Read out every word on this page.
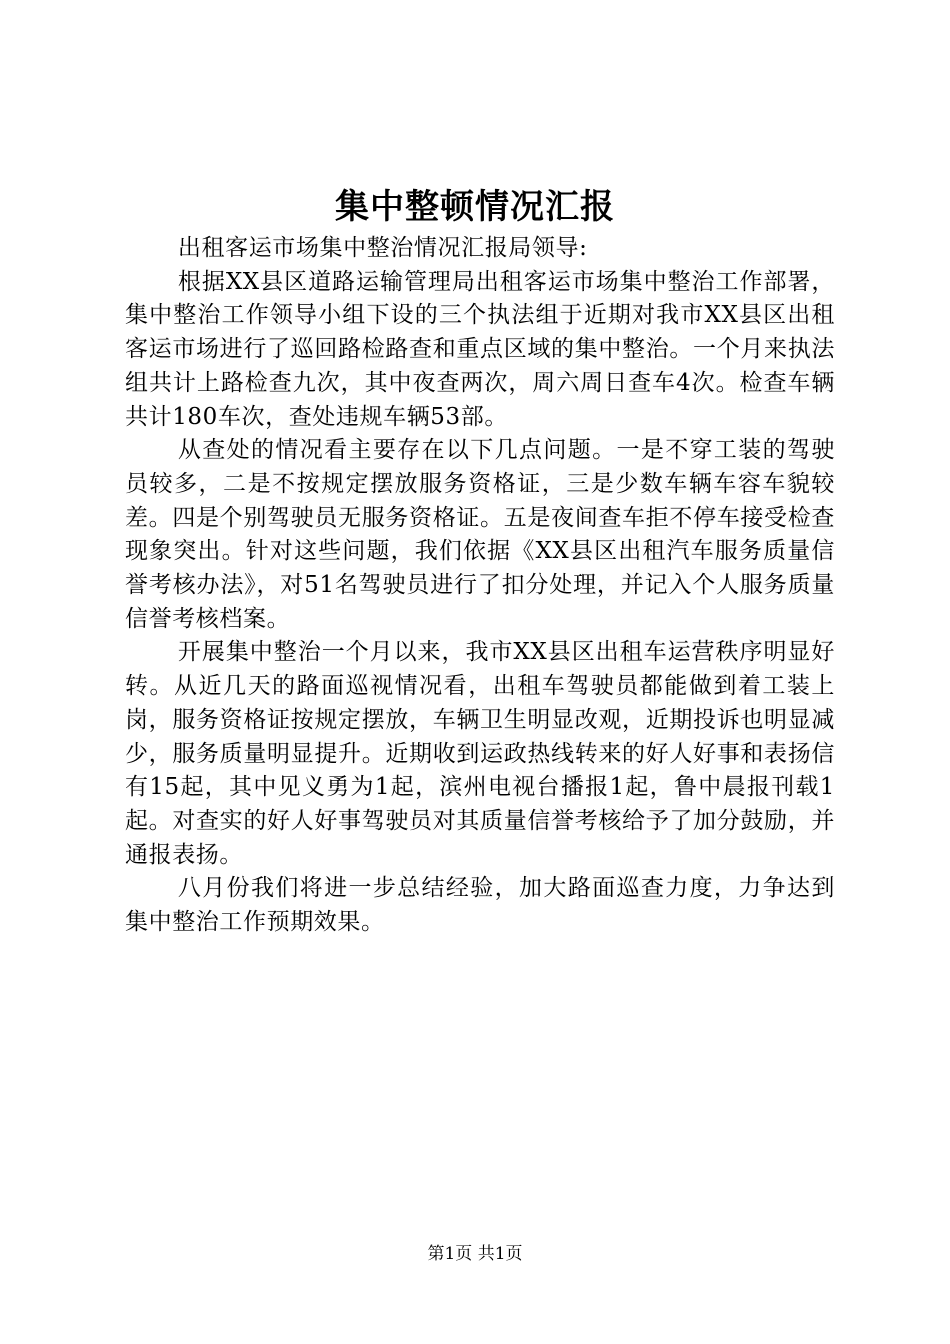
集中整顿情况汇报

出租客运市场集中整治情况汇报局领导:

根据XX县区道路运输管理局出租客运市场集中整治工作部署，集中整治工作领导小组下设的三个执法组于近期对我市XX县区出租客运市场进行了巡回路检路查和重点区域的集中整治。一个月来执法组共计上路检查九次，其中夜查两次，周六周日查车4次。检查车辆共计180车次，查处违规车辆53部。

从查处的情况看主要存在以下几点问题。一是不穿工装的驾驶员较多，二是不按规定摆放服务资格证，三是少数车辆车容车貌较差。四是个别驾驶员无服务资格证。五是夜间查车拒不停车接受检查现象突出。针对这些问题，我们依据《XX县区出租汽车服务质量信誉考核办法》，对51名驾驶员进行了扣分处理，并记入个人服务质量信誉考核档案。

开展集中整治一个月以来，我市XX县区出租车运营秩序明显好转。从近几天的路面巡视情况看，出租车驾驶员都能做到着工装上岗，服务资格证按规定摆放，车辆卫生明显改观，近期投诉也明显减少，服务质量明显提升。近期收到运政热线转来的好人好事和表扬信有15起，其中见义勇为1起，滨州电视台播报1起，鲁中晨报刊载1起。对查实的好人好事驾驶员对其质量信誉考核给予了加分鼓励，并通报表扬。

八月份我们将进一步总结经验，加大路面巡查力度，力争达到集中整治工作预期效果。

第1页 共1页
